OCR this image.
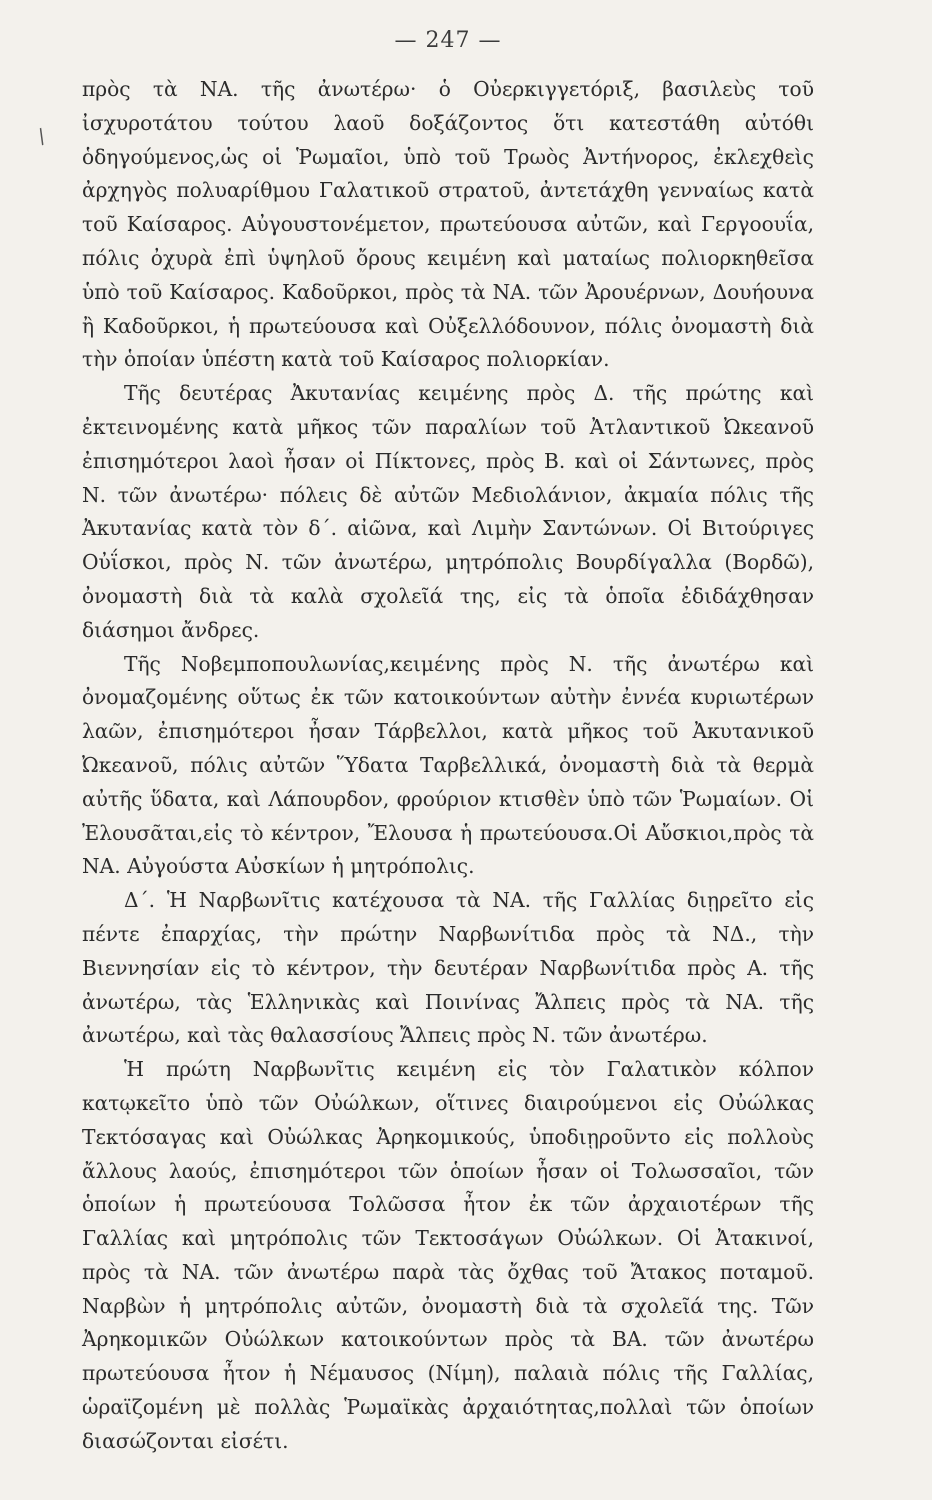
— 247 —
/

πρὸς τὰ ΝΑ. τῆς ἀνωτέρω· ὁ Οὐερκιγγετόριξ, βασιλεὺς τοῦ ἰσχυροτάτου τούτου λαοῦ δοξάζοντος ὅτι κατεστάθη αὐτόθι ὁδηγούμενος,ὡς οἱ Ῥωμαῖοι, ὑπὸ τοῦ Τρωὸς Ἀντήνορος, ἐκλεχθεὶς ἀρχηγὸς πολυαρίθμου Γαλατικοῦ στρατοῦ, ἀντετάχθη γενναίως κατὰ τοῦ Καίσαρος. Αὐγουστονέμετον, πρωτεύουσα αὐτῶν, καὶ Γεργοουΐα, πόλις ὀχυρὰ ἐπὶ ὑψηλοῦ ὄρους κειμένη καὶ ματαίως πολιορκηθεῖσα ὑπὸ τοῦ Καίσαρος. Καδοῦρκοι, πρὸς τὰ ΝΑ. τῶν Ἀρουέρνων, Δουήουνα ἢ Καδοῦρκοι, ἡ πρωτεύουσα καὶ Οὐξελλόδουνον, πόλις ὀνομαστὴ διὰ τὴν ὁποίαν ὑπέστη κατὰ τοῦ Καίσαρος πολιορκίαν.

Τῆς δευτέρας Ἀκυτανίας κειμένης πρὸς Δ. τῆς πρώτης καὶ ἐκτεινομένης κατὰ μῆκος τῶν παραλίων τοῦ Ἀτλαντικοῦ Ὠκεανοῦ ἐπισημότεροι λαοὶ ἦσαν οἱ Πίκτονες, πρὸς Β. καὶ οἱ Σάντωνες, πρὸς Ν. τῶν ἀνωτέρω· πόλεις δὲ αὐτῶν Μεδιολάνιον, ἀκμαία πόλις τῆς Ἀκυτανίας κατὰ τὸν δ΄. αἰῶνα, καὶ Λιμὴν Σαντώνων. Οἱ Βιτούριγες Οὐΐσκοι, πρὸς Ν. τῶν ἀνωτέρω, μητρόπολις Βουρδίγαλλα (Βορδῶ), ὀνομαστὴ διὰ τὰ καλὰ σχολεῖά της, εἰς τὰ ὁποῖα ἐδιδάχθησαν διάσημοι ἄνδρες.

Τῆς Νοβεμποπουλωνίας,κειμένης πρὸς Ν. τῆς ἀνωτέρω καὶ ὀνομαζομένης οὕτως ἐκ τῶν κατοικούντων αὐτὴν ἐννέα κυριωτέρων λαῶν, ἐπισημότεροι ἦσαν Τάρβελλοι, κατὰ μῆκος τοῦ Ἀκυτανικοῦ Ὠκεανοῦ, πόλις αὐτῶν Ὕδατα Ταρβελλικά, ὀνομαστὴ διὰ τὰ θερμὰ αὐτῆς ὕδατα, καὶ Λάπουρδον, φρούριον κτισθὲν ὑπὸ τῶν Ῥωμαίων. Οἱ Ἐλουσᾶται,εἰς τὸ κέντρον, Ἔλουσα ἡ πρωτεύουσα.Οἱ Αὔσκιοι,πρὸς τὰ ΝΑ. Αὐγούστα Αὐσκίων ἡ μητρόπολις.

Δ΄. Ἡ Ναρβωνῖτις κατέχουσα τὰ ΝΑ. τῆς Γαλλίας διῃρεῖτο εἰς πέντε ἐπαρχίας, τὴν πρώτην Ναρβωνίτιδα πρὸς τὰ ΝΔ., τὴν Βιεννησίαν εἰς τὸ κέντρον, τὴν δευτέραν Ναρβωνίτιδα πρὸς Α. τῆς ἀνωτέρω, τὰς Ἑλληνικὰς καὶ Ποινίνας Ἄλπεις πρὸς τὰ ΝΑ. τῆς ἀνωτέρω, καὶ τὰς θαλασσίους Ἄλπεις πρὸς Ν. τῶν ἀνωτέρω.

Ἡ πρώτη Ναρβωνῖτις κειμένη εἰς τὸν Γαλατικὸν κόλπον κατῳκεῖτο ὑπὸ τῶν Οὐώλκων, οἵτινες διαιρούμενοι εἰς Οὐώλκας Τεκτόσαγας καὶ Οὐώλκας Ἀρηκομικούς, ὑποδιῃροῦντο εἰς πολλοὺς ἄλλους λαούς, ἐπισημότεροι τῶν ὁποίων ἦσαν οἱ Τολωσσαῖοι, τῶν ὁποίων ἡ πρωτεύουσα Τολῶσσα ἦτον ἐκ τῶν ἀρχαιοτέρων τῆς Γαλλίας καὶ μητρόπολις τῶν Τεκτοσάγων Οὐώλκων. Οἱ Ἀτακινοί, πρὸς τὰ ΝΑ. τῶν ἀνωτέρω παρὰ τὰς ὄχθας τοῦ Ἄτακος ποταμοῦ. Ναρβὼν ἡ μητρόπολις αὐτῶν, ὀνομαστὴ διὰ τὰ σχολεῖά της. Τῶν Ἀρηκομικῶν Οὐώλκων κατοικούντων πρὸς τὰ ΒΑ. τῶν ἀνωτέρω πρωτεύουσα ἦτον ἡ Νέμαυσος (Νίμη), παλαιὰ πόλις τῆς Γαλλίας, ὡραϊζομένη μὲ πολλὰς Ῥωμαϊκὰς ἀρχαιότητας,πολλαὶ τῶν ὁποίων διασώζονται εἰσέτι.
